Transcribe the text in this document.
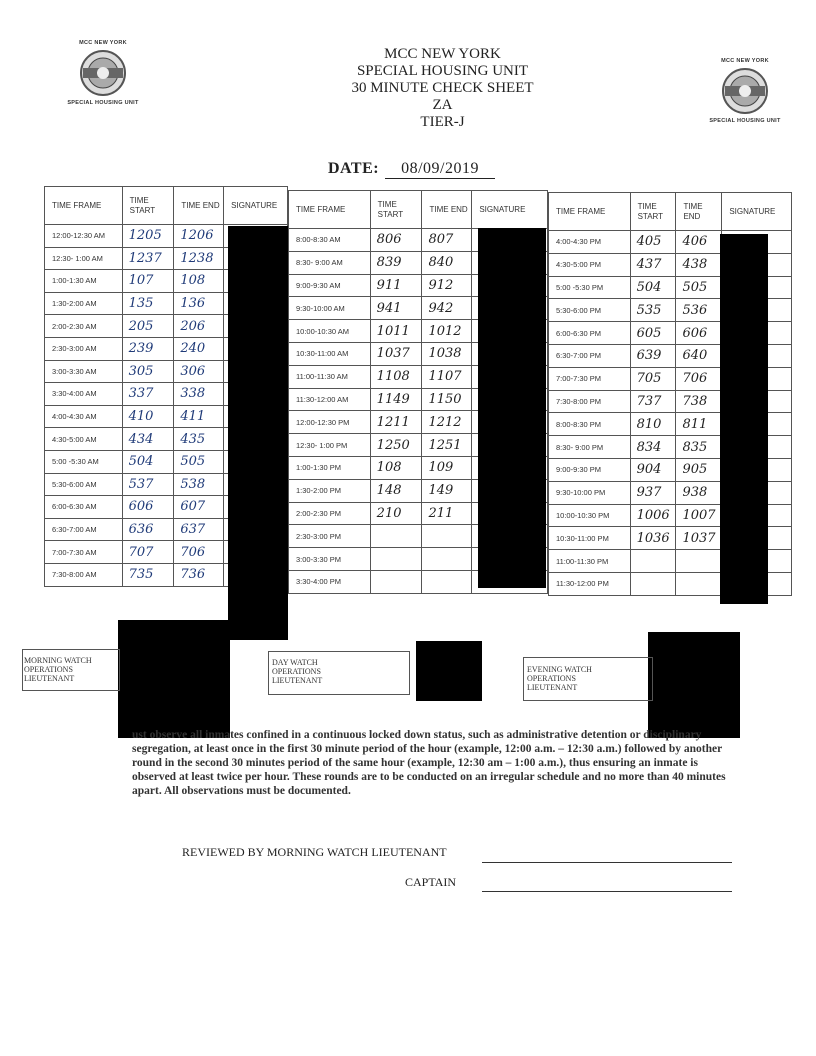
MCC NEW YORK
SPECIAL HOUSING UNIT
MCC NEW YORK
SPECIAL HOUSING UNIT
MCC NEW YORK
SPECIAL HOUSING UNIT
30 MINUTE CHECK SHEET
ZA
TIER-J
DATE: 08/09/2019
TIME FRAME	TIME START	TIME END	SIGNATURE
12:00-12:30 AM	1205	1206	
12:30- 1:00 AM	1237	1238	
1:00-1:30 AM	107	108	
1:30-2:00 AM	135	136	
2:00-2:30 AM	205	206	
2:30-3:00 AM	239	240	
3:00-3:30 AM	305	306	
3:30-4:00 AM	337	338	
4:00-4:30 AM	410	411	
4:30-5:00 AM	434	435	
5:00 -5:30 AM	504	505	
5:30-6:00 AM	537	538	
6:00-6:30 AM	606	607	
6:30-7:00 AM	636	637	
7:00-7:30 AM	707	706	
7:30-8:00 AM	735	736	
TIME FRAME	TIME START	TIME END	SIGNATURE
8:00-8:30 AM	806	807	
8:30- 9:00 AM	839	840	
9:00-9:30 AM	911	912	
9:30-10:00 AM	941	942	
10:00-10:30 AM	1011	1012	
10:30-11:00 AM	1037	1038	
11:00-11:30 AM	1108	1107	
11:30-12:00 AM	1149	1150	
12:00-12:30 PM	1211	1212	
12:30- 1:00 PM	1250	1251	
1:00-1:30 PM	108	109	
1:30-2:00 PM	148	149	
2:00-2:30 PM	210	211	
2:30-3:00 PM			
3:00-3:30 PM			
3:30-4:00 PM			
TIME FRAME	TIME START	TIME END	SIGNATURE
4:00-4:30 PM	405	406	
4:30-5:00 PM	437	438	
5:00 -5:30 PM	504	505	
5:30-6:00 PM	535	536	
6:00-6:30 PM	605	606	
6:30-7:00 PM	639	640	
7:00-7:30 PM	705	706	
7:30-8:00 PM	737	738	
8:00-8:30 PM	810	811	
8:30- 9:00 PM	834	835	
9:00-9:30 PM	904	905	
9:30-10:00 PM	937	938	
10:00-10:30 PM	1006	1007	
10:30-11:00 PM	1036	1037	
11:00-11:30 PM			
11:30-12:00 PM			
MORNING WATCH
OPERATIONS
LIEUTENANT
DAY WATCH
OPERATIONS
LIEUTENANT
EVENING WATCH
OPERATIONS
LIEUTENANT
ust observe all inmates confined in a continuous locked down status, such as administrative detention or disciplinary segregation, at least once in the first 30 minute period of the hour (example, 12:00 a.m. – 12:30 a.m.) followed by another round in the second 30 minutes period of the same hour (example, 12:30 am – 1:00 a.m.), thus ensuring an inmate is observed at least twice per hour. These rounds are to be conducted on an irregular schedule and no more than 40 minutes apart. All observations must be documented.
REVIEWED BY MORNING WATCH LIEUTENANT
CAPTAIN
